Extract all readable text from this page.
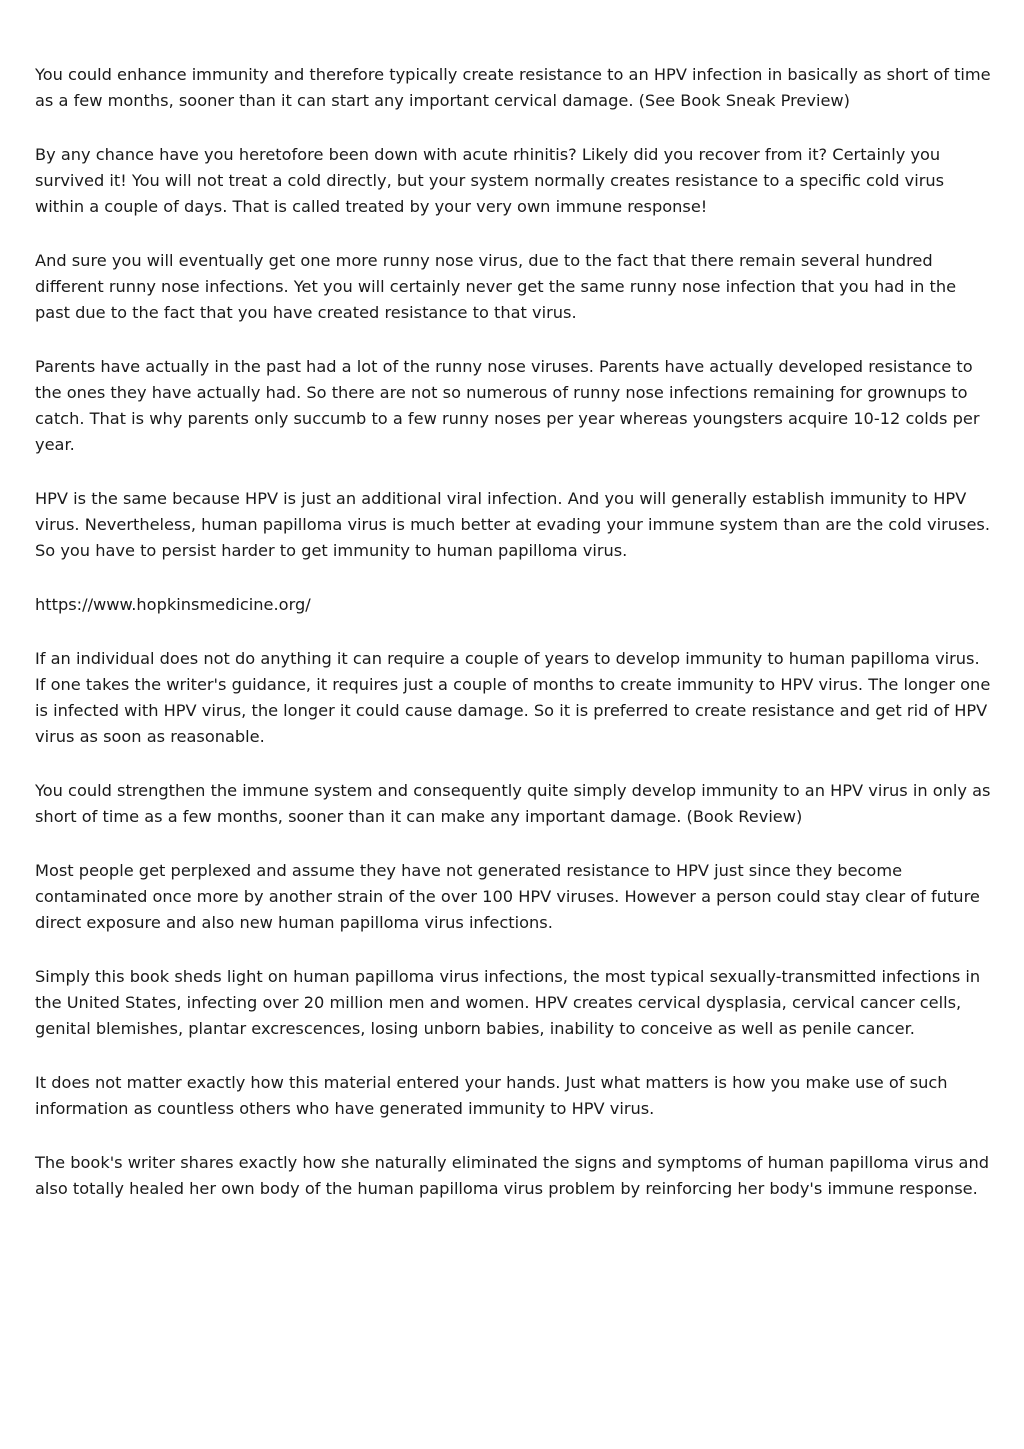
You could enhance immunity and therefore typically create resistance to an HPV infection in basically as short of time as a few months, sooner than it can start any important cervical damage. (See Book Sneak Preview)

By any chance have you heretofore been down with acute rhinitis? Likely did you recover from it? Certainly you survived it! You will not treat a cold directly, but your system normally creates resistance to a specific cold virus within a couple of days. That is called treated by your very own immune response!

And sure you will eventually get one more runny nose virus, due to the fact that there remain several hundred different runny nose infections. Yet you will certainly never get the same runny nose infection that you had in the past due to the fact that you have created resistance to that virus.

Parents have actually in the past had a lot of the runny nose viruses. Parents have actually developed resistance to the ones they have actually had. So there are not so numerous of runny nose infections remaining for grownups to catch. That is why parents only succumb to a few runny noses per year whereas youngsters acquire 10-12 colds per year.

HPV is the same because HPV is just an additional viral infection. And you will generally establish immunity to HPV virus. Nevertheless, human papilloma virus is much better at evading your immune system than are the cold viruses. So you have to persist harder to get immunity to human papilloma virus.

https://www.hopkinsmedicine.org/

If an individual does not do anything it can require a couple of years to develop immunity to human papilloma virus. If one takes the writer's guidance, it requires just a couple of months to create immunity to HPV virus. The longer one is infected with HPV virus, the longer it could cause damage. So it is preferred to create resistance and get rid of HPV virus as soon as reasonable.

You could strengthen the immune system and consequently quite simply develop immunity to an HPV virus in only as short of time as a few months, sooner than it can make any important damage. (Book Review)

Most people get perplexed and assume they have not generated resistance to HPV just since they become contaminated once more by another strain of the over 100 HPV viruses. However a person could stay clear of future direct exposure and also new human papilloma virus infections.

Simply this book sheds light on human papilloma virus infections, the most typical sexually-transmitted infections in the United States, infecting over 20 million men and women. HPV creates cervical dysplasia, cervical cancer cells, genital blemishes, plantar excrescences, losing unborn babies, inability to conceive as well as penile cancer.

It does not matter exactly how this material entered your hands. Just what matters is how you make use of such information as countless others who have generated immunity to HPV virus.

The book's writer shares exactly how she naturally eliminated the signs and symptoms of human papilloma virus and also totally healed her own body of the human papilloma virus problem by reinforcing her body's immune response.
